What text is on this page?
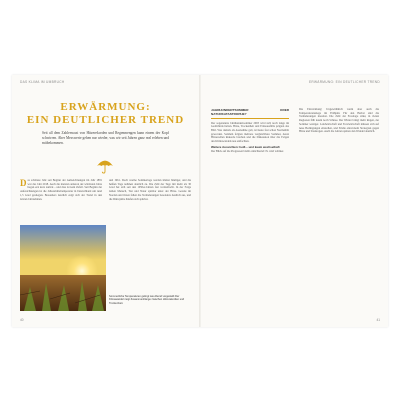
DAS KLIMA IM UMBRUCH
ERWÄRMUNG:
EIN DEUTLICHER TREND
Seit all dem Zahlenwust von Hitzerekorden und Regenmengen kann einem der Kopf schwirren. Aber Messwerte gehen nur wieder, was wir seit Jahren ganz real erleben und mitbekommen.
Das schönste Jahr seit Beginn der Aufzeichnungen im Jahr 1881 war das Jahr 2018. Auch die meisten anderen der wärmsten Jahre liegen erst kurz zurück – und dies ist kein Zufall. Seit Beginn der Aufzeichnungen ist die Jahresmitteltemperatur in Deutschland um rund 1,5 Grad gestiegen. Besonders deutlich zeigt sich der Trend in den letzten Jahrzehnten.
und 1961. Doch warme Sommertage werden immer häufiger, und die heißen Tage nehmen deutlich zu. Die Zahl der Tage mit mehr als 30 Grad hat sich seit den 1950er-Jahren fast verdreifacht. In der Folge leiden Mensch, Tier und Natur spürbar unter der Hitze. Gerade im Norden und Osten fallen die Veränderungen besonders deutlich aus, und die Dürrejahre häufen sich spürbar.
Sommerliche Temperaturen gelingt wie Abend vorgestellt Der Klimawandel zeigt Zusammenhänge zwischen Hitzerekorden und Trockenheit.
40
ERWÄRMUNG: EIN DEUTLICHER TREND
JAHRHUNDERTSOMMER ODER NATURKATASTROPHE?
Der sogenannte Jahrhundertsommer 2003 wird sich noch lange im Gedächtnis halten. Hitze, Trockenheit und Ernteausfälle prägten das Bild. Was damals als Ausnahme galt, ist heute fast schon Normalität geworden. Seitdem folgten mehrere vergleichbare Sommer, deren Hitzewellen Rekorde brachen und die Diskussion über die Folgen des Klimawandels neu entfachten.
Weitere Aussichten: heiß – und kaum wechselhaft
Der Blick auf die Prognosen bleibt ernüchternd: Es wird wärmer.
Die Entwicklung: Ungewöhnlich warm aber auch die Temperaturanstiege im Frühjahr. Für den Herbst sind die Veränderungen messbar. Die Zahl der Frosttage sinkt, in vielen Regionen fällt kaum noch Schnee. Der Winter bringt mehr Regen, der Sommer weniger. Landwirtschaft und Forstwirtschaft müssen sich auf neue Bedingungen einstellen, und Städte entwickeln Strategien gegen Hitze und Starkregen. Auch die Gärten spüren den Wandel deutlich.
41
